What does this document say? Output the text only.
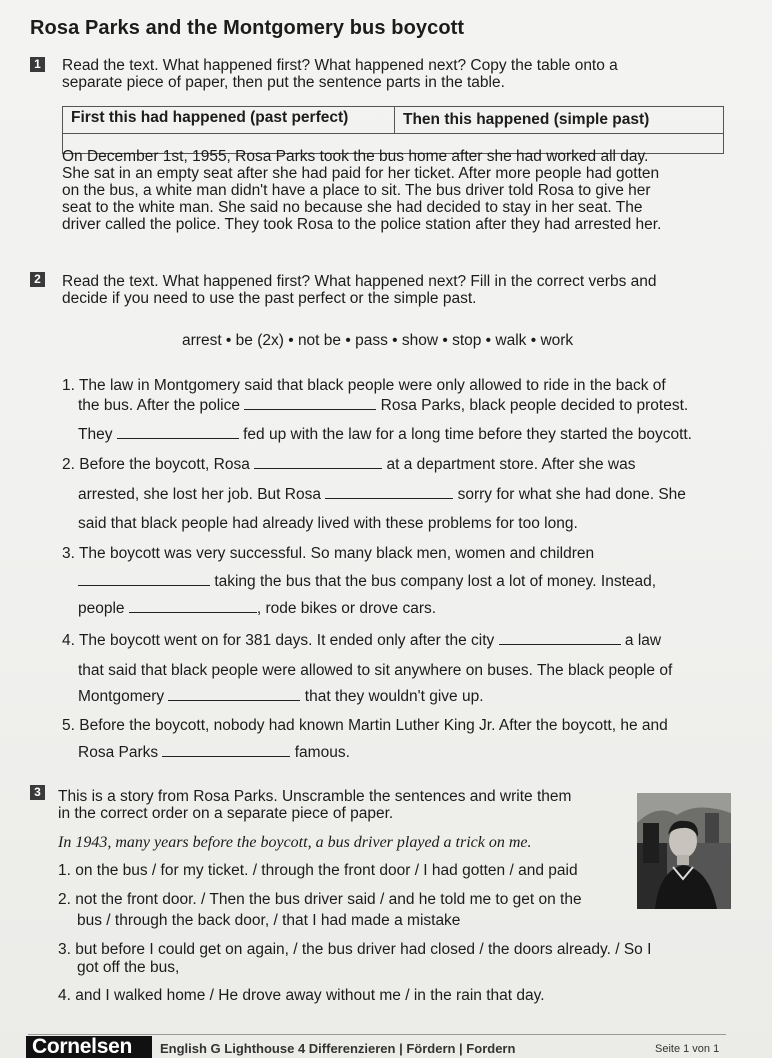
Rosa Parks and the Montgomery bus boycott
1 Read the text. What happened first? What happened next? Copy the table onto a
separate piece of paper, then put the sentence parts in the table.
First this had happened (past perfect)	Then this happened (simple past)
On December 1st, 1955, Rosa Parks took the bus home after she had worked all day.
She sat in an empty seat after she had paid for her ticket. After more people had gotten
on the bus, a white man didn't have a place to sit. The bus driver told Rosa to give her
seat to the white man. She said no because she had decided to stay in her seat. The
driver called the police. They took Rosa to the police station after they had arrested her.
2 Read the text. What happened first? What happened next? Fill in the correct verbs and
decide if you need to use the past perfect or the simple past.
arrest • be (2x) • not be • pass • show • stop • walk • work
1. The law in Montgomery said that black people were only allowed to ride in the back of
the bus. After the police	Rosa Parks, black people decided to protest.
They	fed up with the law for a long time before they started the boycott.
2. Before the boycott, Rosa	at a department store. After she was
arrested, she lost her job. But Rosa	sorry for what she had done. She
said that black people had already lived with these problems for too long.
3. The boycott was very successful. So many black men, women and children
taking the bus that the bus company lost a lot of money. Instead,
people	, rode bikes or drove cars.
4. The boycott went on for 381 days. It ended only after the city	a law
that said that black people were allowed to sit anywhere on buses. The black people of
Montgomery	that they wouldn't give up.
5. Before the boycott, nobody had known Martin Luther King Jr. After the boycott, he and
Rosa Parks	famous.
3 This is a story from Rosa Parks. Unscramble the sentences and write them
in the correct order on a separate piece of paper.
In 1943, many years before the boycott, a bus driver played a trick on me.
1. on the bus / for my ticket. / through the front door / I had gotten / and paid
2. not the front door. / Then the bus driver said / and he told me to get on the
bus / through the back door, / that I had made a mistake
3. but before I could get on again, / the bus driver had closed / the doors already. / So I
got off the bus,
4. and I walked home / He drove away without me / in the rain that day.
Cornelsen	English G Lighthouse 4 Differenzieren | Fördern | Fordern	Seite 1 von 1
